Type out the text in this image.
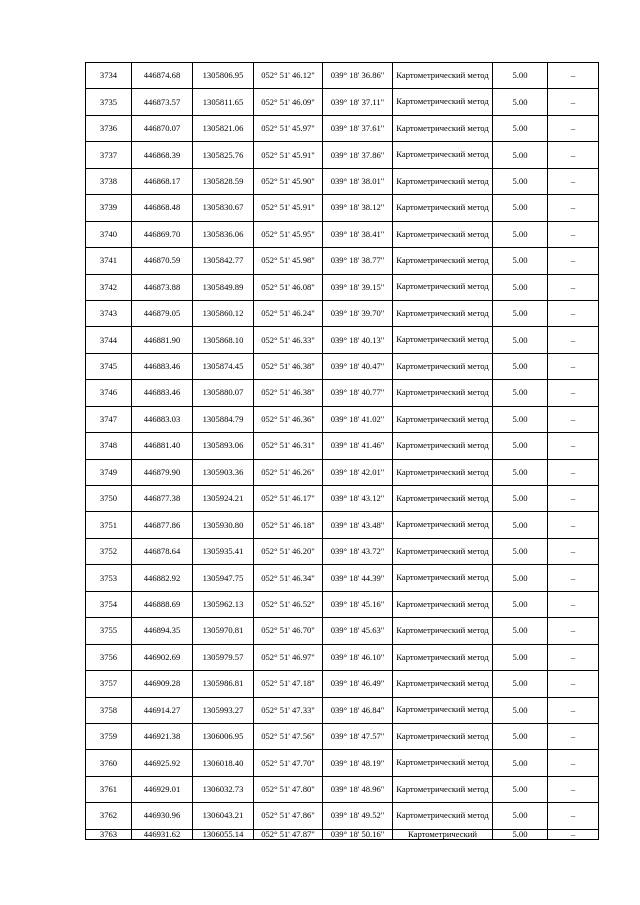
3734	446874.68	1305806.95	052° 51' 46.12"	039° 18' 36.86"	Картометрический метод	5.00	–
3735	446873.57	1305811.65	052° 51' 46.09"	039° 18' 37.11"	Картометрический метод	5.00	–
3736	446870.07	1305821.06	052° 51' 45.97"	039° 18' 37.61"	Картометрический метод	5.00	–
3737	446868.39	1305825.76	052° 51' 45.91"	039° 18' 37.86"	Картометрический метод	5.00	–
3738	446868.17	1305828.59	052° 51' 45.90"	039° 18' 38.01"	Картометрический метод	5.00	–
3739	446868.48	1305830.67	052° 51' 45.91"	039° 18' 38.12"	Картометрический метод	5.00	–
3740	446869.70	1305836.06	052° 51' 45.95"	039° 18' 38.41"	Картометрический метод	5.00	–
3741	446870.59	1305842.77	052° 51' 45.98"	039° 18' 38.77"	Картометрический метод	5.00	–
3742	446873.88	1305849.89	052° 51' 46.08"	039° 18' 39.15"	Картометрический метод	5.00	–
3743	446879.05	1305860.12	052° 51' 46.24"	039° 18' 39.70"	Картометрический метод	5.00	–
3744	446881.90	1305868.10	052° 51' 46.33"	039° 18' 40.13"	Картометрический метод	5.00	–
3745	446883.46	1305874.45	052° 51' 46.38"	039° 18' 40.47"	Картометрический метод	5.00	–
3746	446883.46	1305880.07	052° 51' 46.38"	039° 18' 40.77"	Картометрический метод	5.00	–
3747	446883.03	1305884.79	052° 51' 46.36"	039° 18' 41.02"	Картометрический метод	5.00	–
3748	446881.40	1305893.06	052° 51' 46.31"	039° 18' 41.46"	Картометрический метод	5.00	–
3749	446879.90	1305903.36	052° 51' 46.26"	039° 18' 42.01"	Картометрический метод	5.00	–
3750	446877.38	1305924.21	052° 51' 46.17"	039° 18' 43.12"	Картометрический метод	5.00	–
3751	446877.86	1305930.80	052° 51' 46.18"	039° 18' 43.48"	Картометрический метод	5.00	–
3752	446878.64	1305935.41	052° 51' 46.20"	039° 18' 43.72"	Картометрический метод	5.00	–
3753	446882.92	1305947.75	052° 51' 46.34"	039° 18' 44.39"	Картометрический метод	5.00	–
3754	446888.69	1305962.13	052° 51' 46.52"	039° 18' 45.16"	Картометрический метод	5.00	–
3755	446894.35	1305970.81	052° 51' 46.70"	039° 18' 45.63"	Картометрический метод	5.00	–
3756	446902.69	1305979.57	052° 51' 46.97"	039° 18' 46.10"	Картометрический метод	5.00	–
3757	446909.28	1305986.81	052° 51' 47.18"	039° 18' 46.49"	Картометрический метод	5.00	–
3758	446914.27	1305993.27	052° 51' 47.33"	039° 18' 46.84"	Картометрический метод	5.00	–
3759	446921.38	1306006.95	052° 51' 47.56"	039° 18' 47.57"	Картометрический метод	5.00	–
3760	446925.92	1306018.40	052° 51' 47.70"	039° 18' 48.19"	Картометрический метод	5.00	–
3761	446929.01	1306032.73	052° 51' 47.80"	039° 18' 48.96"	Картометрический метод	5.00	–
3762	446930.96	1306043.21	052° 51' 47.86"	039° 18' 49.52"	Картометрический метод	5.00	–
3763	446931.62	1306055.14	052° 51' 47.87"	039° 18' 50.16"	Картометрический	5.00	–
